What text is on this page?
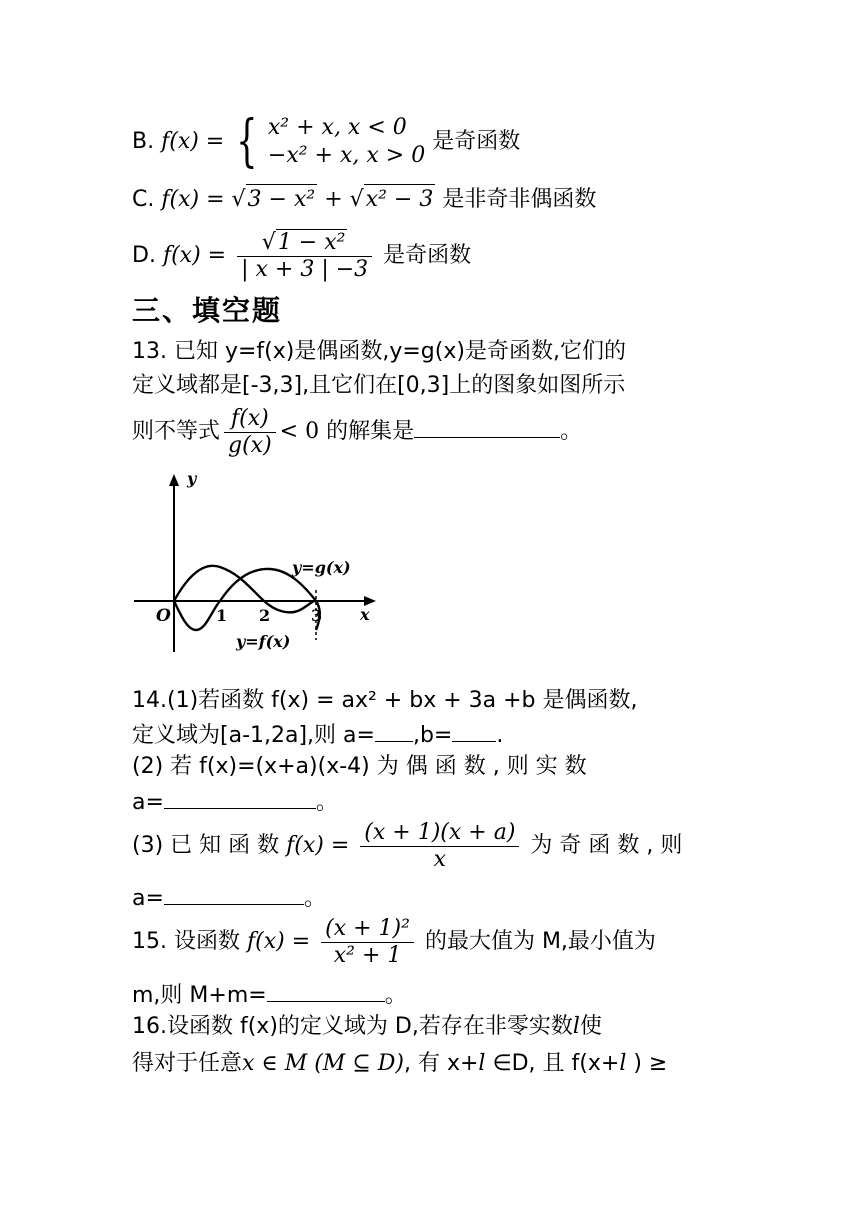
B. f(x) = { x² + x, x < 0
−x² + x, x > 0
是奇函数
C. f(x) = √3 − x² + √x² − 3 是非奇非偶函数
D. $f(x) = \frac{\text{√1 − x²}}{| x + 3 | -3}$ 是奇函数
三、填空题
13. 已知 y=f(x)是偶函数,y=g(x)是奇函数,它们的
定义域都是[-3,3],且它们在[0,3]上的图象如图所示
则不等式 $\frac{f(x)}{g(x)} < 0$ 的解集是	。
y
x
O	1 2	3
y=g(x)
y=f(x)
14.(1)若函数 f(x) = ax² + bx + 3a +b 是偶函数,
定义域为[a-1,2a],则 a= ,b= .
(2) 若 f(x)=(x+a)(x-4) 为 偶 函 数 , 则 实 数
a=	。
(3) 已 知 函 数 $f(x) = \frac{(x + 1)(x + a)}{x}$ 为 奇 函 数 , 则
a=	。
15. 设函数 $f(x) = \frac{\text{(x + 1)²}}{\text{x² + 1}}$ 的最大值为 M,最小值为
m,则 M+m=	。
16.设函数 f(x)的定义域为 D,若存在非零实数l使
得对于任意x ∈ M (M ⊆ D), 有 x+l ∈D, 且 f(x+l ) ≥
